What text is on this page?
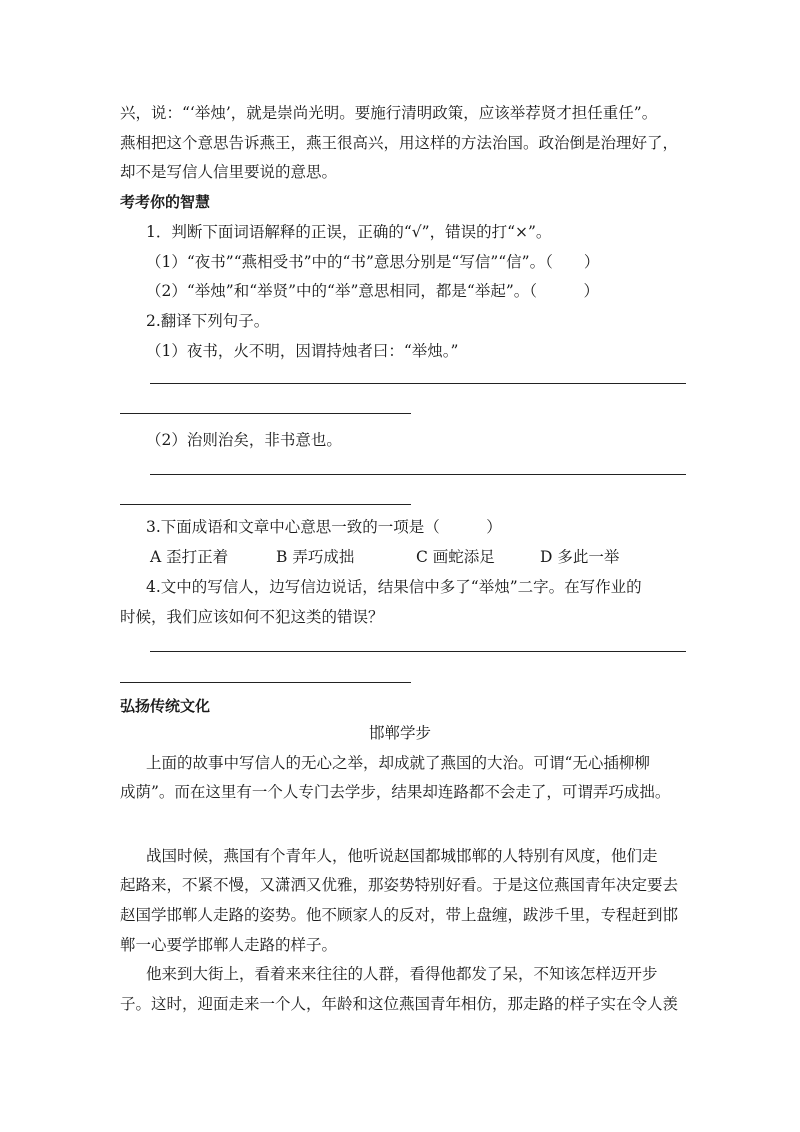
兴，说：“‘举烛’，就是崇尚光明。要施行清明政策，应该举荐贤才担任重任”。
燕相把这个意思告诉燕王，燕王很高兴，用这样的方法治国。政治倒是治理好了，
却不是写信人信里要说的意思。
考考你的智慧
1．判断下面词语解释的正误，正确的“√”，错误的打“×”。
（1）“夜书”“燕相受书”中的“书”意思分别是“写信”“信”。（　　）
（2）“举烛”和“举贤”中的“举”意思相同，都是“举起”。（　　　）
2.翻译下列句子。
（1）夜书，火不明，因谓持烛者曰：“举烛。”
（2）治则治矣，非书意也。
3.下面成语和文章中心意思一致的一项是（　　　）
A 歪打正着	B 弄巧成拙	C 画蛇添足	D 多此一举
4.文中的写信人，边写信边说话，结果信中多了“举烛”二字。在写作业的
时候，我们应该如何不犯这类的错误？
弘扬传统文化
邯郸学步
上面的故事中写信人的无心之举，却成就了燕国的大治。可谓“无心插柳柳
成荫”。而在这里有一个人专门去学步，结果却连路都不会走了，可谓弄巧成拙。
战国时候，燕国有个青年人，他听说赵国都城邯郸的人特别有风度，他们走
起路来，不紧不慢，又潇洒又优雅，那姿势特别好看。于是这位燕国青年决定要去
赵国学邯郸人走路的姿势。他不顾家人的反对，带上盘缠，跋涉千里，专程赶到邯
郸一心要学邯郸人走路的样子。
他来到大街上，看着来来往往的人群，看得他都发了呆，不知该怎样迈开步
子。这时，迎面走来一个人，年龄和这位燕国青年相仿，那走路的样子实在令人羡
